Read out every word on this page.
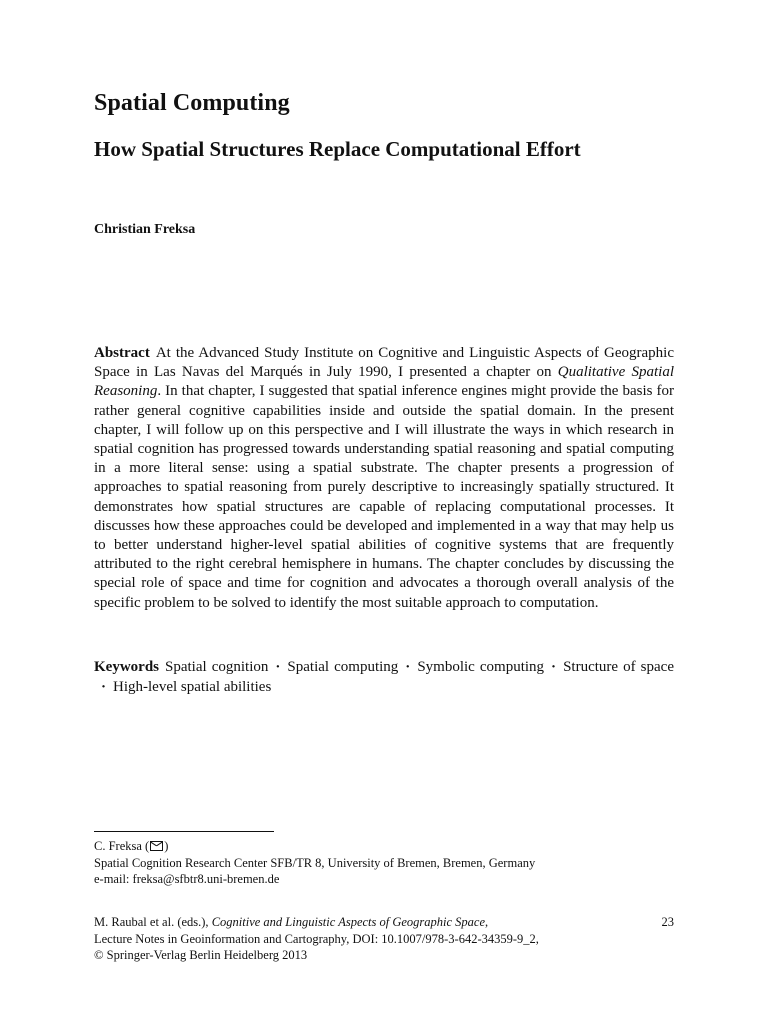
Spatial Computing
How Spatial Structures Replace Computational Effort
Christian Freksa

Abstract At the Advanced Study Institute on Cognitive and Linguistic Aspects of Geographic Space in Las Navas del Marqués in July 1990, I presented a chapter on Qualitative Spatial Reasoning. In that chapter, I suggested that spatial inference engines might provide the basis for rather general cognitive capabilities inside and outside the spatial domain. In the present chapter, I will follow up on this perspective and I will illustrate the ways in which research in spatial cognition has progressed towards understanding spatial reasoning and spatial computing in a more literal sense: using a spatial substrate. The chapter presents a progression of approaches to spatial reasoning from purely descriptive to increasingly spatially structured. It demonstrates how spatial structures are capable of replacing computational processes. It discusses how these approaches could be developed and implemented in a way that may help us to better understand higher-level spatial abilities of cognitive systems that are frequently attributed to the right cerebral hemisphere in humans. The chapter concludes by discussing the special role of space and time for cognition and advocates a thorough overall analysis of the specific problem to be solved to identify the most suitable approach to computation.

Keywords Spatial cognition · Spatial computing · Symbolic computing · Structure of space· High-level spatial abilities

C. Freksa ( )
Spatial Cognition Research Center SFB/TR 8, University of Bremen, Bremen, Germany
e-mail: freksa@sfbtr8.uni-bremen.de
M. Raubal et al. (eds.), Cognitive and Linguistic Aspects of Geographic Space,
Lecture Notes in Geoinformation and Cartography, DOI: 10.1007/978-3-642-34359-9_2,
© Springer-Verlag Berlin Heidelberg 2013
23
